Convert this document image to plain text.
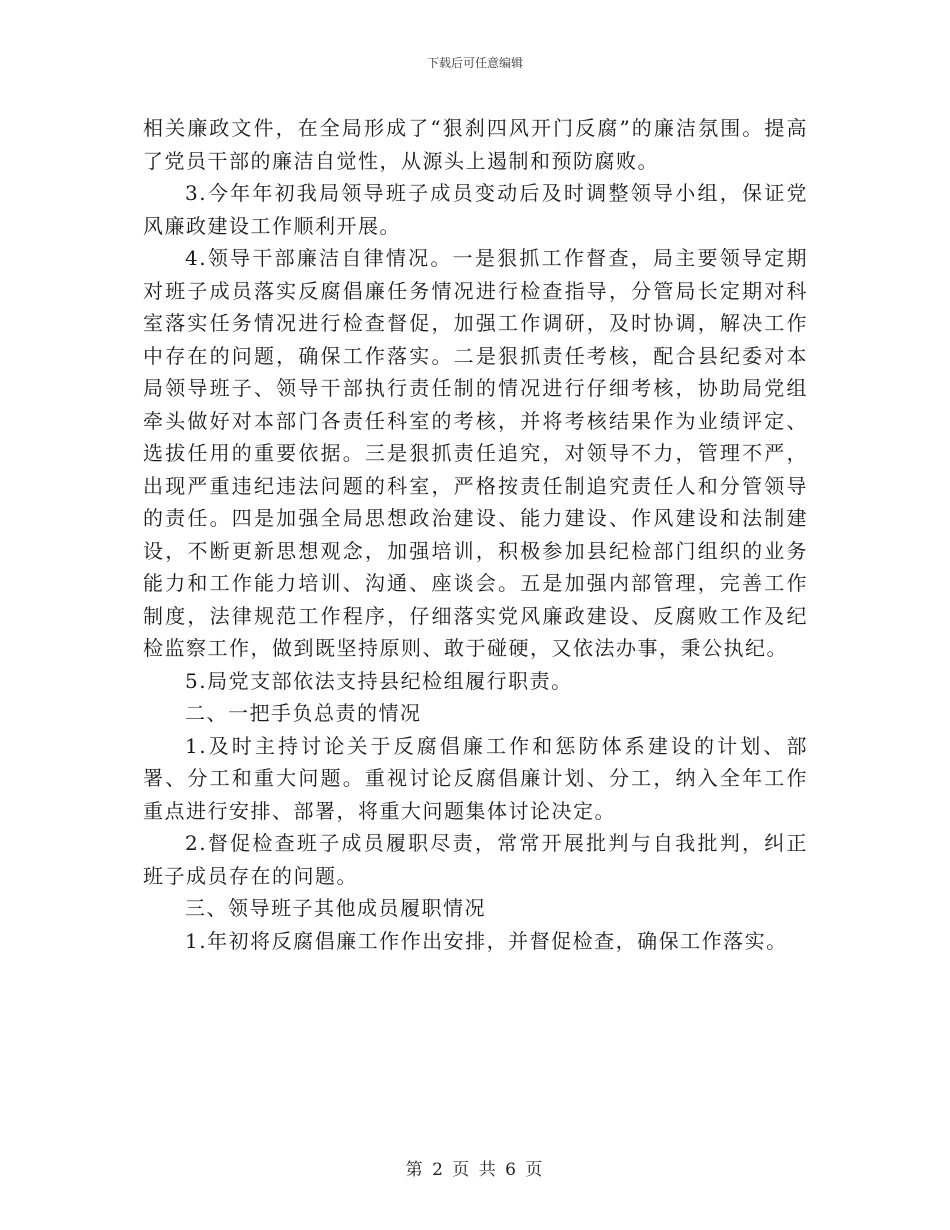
下载后可任意编辑

相关廉政文件，在全局形成了“狠刹四风开门反腐”的廉洁氛围。提高了党员干部的廉洁自觉性，从源头上遏制和预防腐败。

3.今年年初我局领导班子成员变动后及时调整领导小组，保证党风廉政建设工作顺利开展。

4.领导干部廉洁自律情况。一是狠抓工作督查，局主要领导定期对班子成员落实反腐倡廉任务情况进行检查指导，分管局长定期对科室落实任务情况进行检查督促，加强工作调研，及时协调，解决工作中存在的问题，确保工作落实。二是狠抓责任考核，配合县纪委对本局领导班子、领导干部执行责任制的情况进行仔细考核，协助局党组牵头做好对本部门各责任科室的考核，并将考核结果作为业绩评定、选拔任用的重要依据。三是狠抓责任追究，对领导不力，管理不严，出现严重违纪违法问题的科室，严格按责任制追究责任人和分管领导的责任。四是加强全局思想政治建设、能力建设、作风建设和法制建设，不断更新思想观念，加强培训，积极参加县纪检部门组织的业务能力和工作能力培训、沟通、座谈会。五是加强内部管理，完善工作制度，法律规范工作程序，仔细落实党风廉政建设、反腐败工作及纪检监察工作，做到既坚持原则、敢于碰硬，又依法办事，秉公执纪。

5.局党支部依法支持县纪检组履行职责。

二、一把手负总责的情况

1.及时主持讨论关于反腐倡廉工作和惩防体系建设的计划、部署、分工和重大问题。重视讨论反腐倡廉计划、分工，纳入全年工作重点进行安排、部署，将重大问题集体讨论决定。

2.督促检查班子成员履职尽责，常常开展批判与自我批判，纠正班子成员存在的问题。

三、领导班子其他成员履职情况

1.年初将反腐倡廉工作作出安排，并督促检查，确保工作落实。

第 2 页 共 6 页
